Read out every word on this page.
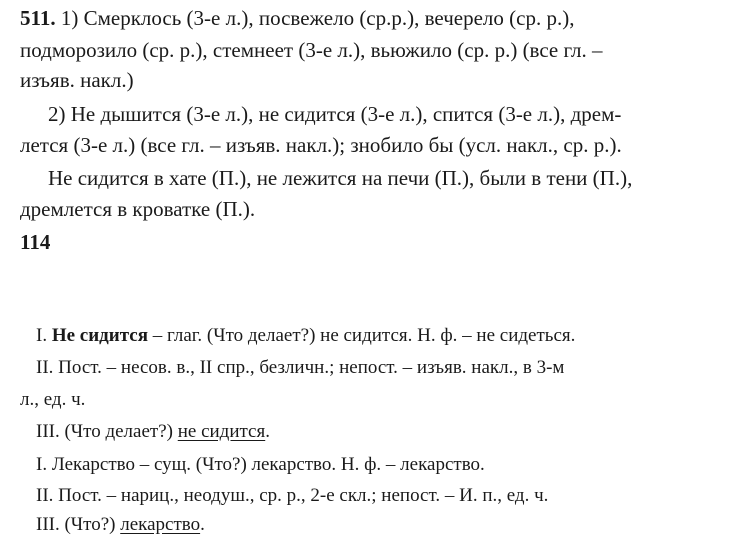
511. 1) Смерклось (3-е л.), посвежело (ср.р.), вечерело (ср. р.),
подморозило (ср. р.), стемнеет (3-е л.), вьюжило (ср. р.) (все гл. –
изъяв. накл.)
2) Не дышится (3-е л.), не сидится (3-е л.), спится (3-е л.), дрем-
лется (3-е л.) (все гл. – изъяв. накл.); знобило бы (усл. накл., ср. р.).
Не сидится в хате (П.), не лежится на печи (П.), были в тени (П.),
дремлется в кроватке (П.).
114
I. Не сидится – глаг. (Что делает?) не сидится. Н. ф. – не сидеться.
II. Пост. – несов. в., II спр., безличн.; непост. – изъяв. накл., в 3-м
л., ед. ч.
III. (Что делает?) не сидится.
I. Лекарство – сущ. (Что?) лекарство. Н. ф. – лекарство.
II. Пост. – нариц., неодуш., ср. р., 2-е скл.; непост. – И. п., ед. ч.
III. (Что?) лекарство.
